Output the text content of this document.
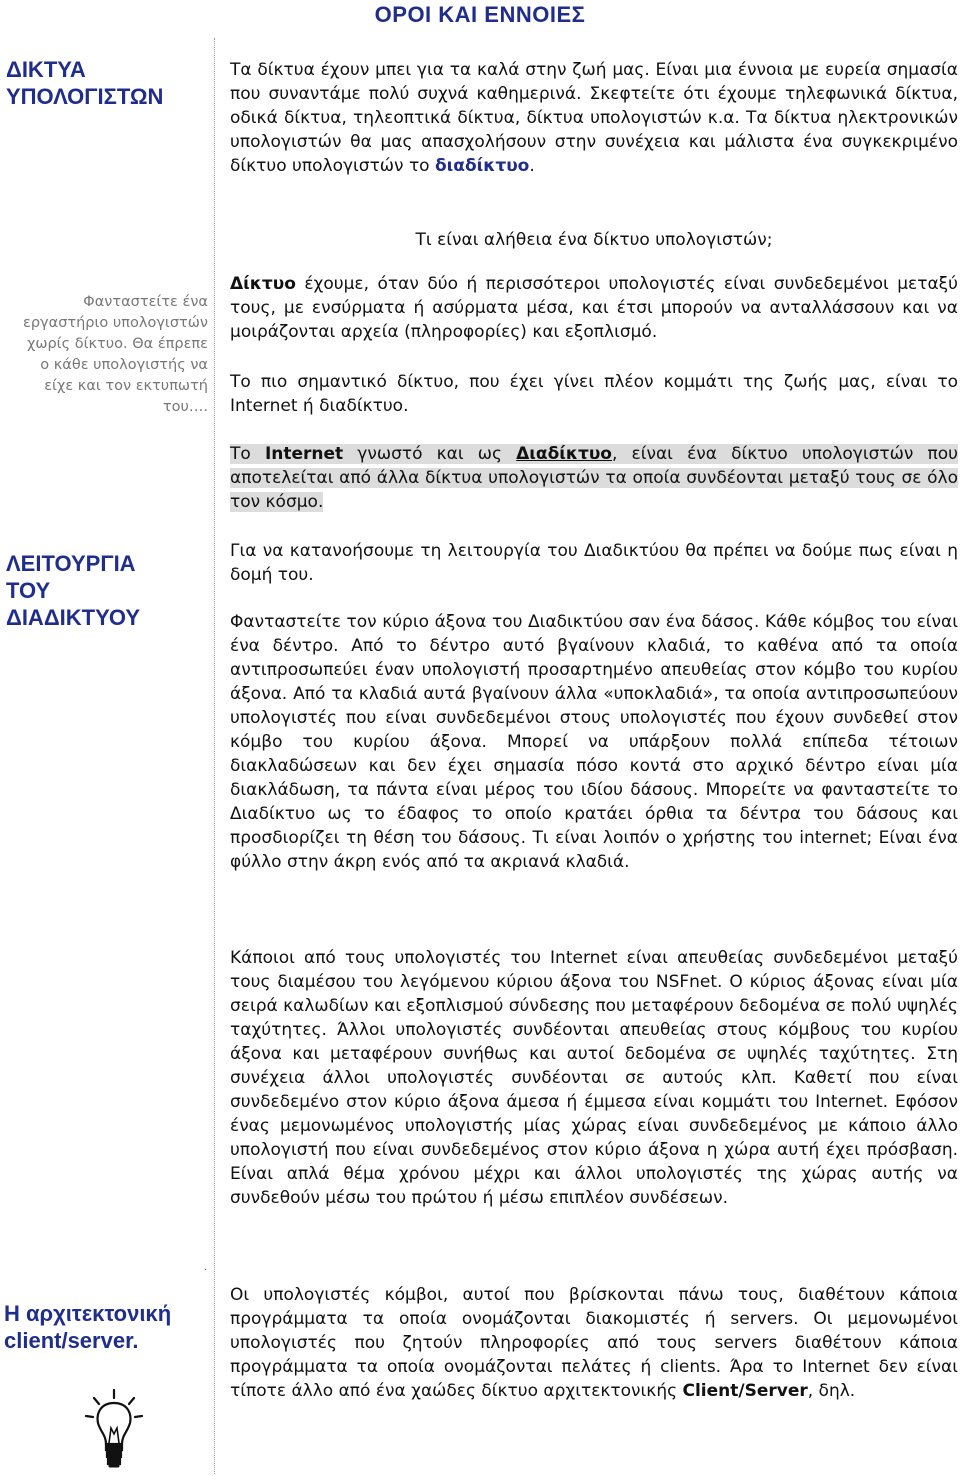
ΟΡΟΙ ΚΑΙ ΕΝΝΟΙΕΣ
ΔΙΚΤΥΑ
ΥΠΟΛΟΓΙΣΤΩΝ
Φανταστείτε ένα εργαστήριο υπολογιστών χωρίς δίκτυο. Θα έπρεπε ο κάθε υπολογιστής να είχε και τον εκτυπωτή του….
ΛΕΙΤΟΥΡΓΙΑ
ΤΟΥ
ΔΙΑΔΙΚΤΥΟΥ
.
Η αρχιτεκτονική
client/server.

Τα δίκτυα έχουν μπει για τα καλά στην ζωή μας. Είναι μια έννοια με ευρεία σημασία που συναντάμε πολύ συχνά καθημερινά. Σκεφτείτε ότι έχουμε τηλεφωνικά δίκτυα, οδικά δίκτυα, τηλεοπτικά δίκτυα, δίκτυα υπολογιστών κ.α. Τα δίκτυα ηλεκτρονικών υπολογιστών θα μας απασχολήσουν στην συνέχεια και μάλιστα ένα συγκεκριμένο δίκτυο υπολογιστών το διαδίκτυο.

Τι είναι αλήθεια ένα δίκτυο υπολογιστών;

Δίκτυο έχουμε, όταν δύο ή περισσότεροι υπολογιστές είναι συνδεδεμένοι μεταξύ τους, με ενσύρματα ή ασύρματα μέσα, και έτσι μπορούν να ανταλλάσσουν και να μοιράζονται αρχεία (πληροφορίες) και εξοπλισμό.

Το πιο σημαντικό δίκτυο, που έχει γίνει πλέον κομμάτι της ζωής μας, είναι το Internet ή διαδίκτυο.

Το Internet γνωστό και ως Διαδίκτυο, είναι ένα δίκτυο υπολογιστών που αποτελείται από άλλα δίκτυα υπολογιστών τα οποία συνδέονται μεταξύ τους σε όλο τον κόσμο.

Για να κατανοήσουμε τη λειτουργία του Διαδικτύου θα πρέπει να δούμε πως είναι η δομή του.

Φανταστείτε τον κύριο άξονα του Διαδικτύου σαν ένα δάσος. Κάθε κόμβος του είναι ένα δέντρο. Από το δέντρο αυτό βγαίνουν κλαδιά, το καθένα από τα οποία αντιπροσωπεύει έναν υπολογιστή προσαρτημένο απευθείας στον κόμβο του κυρίου άξονα. Από τα κλαδιά αυτά βγαίνουν άλλα «υποκλαδιά», τα οποία αντιπροσωπεύουν υπολογιστές που είναι συνδεδεμένοι στους υπολογιστές που έχουν συνδεθεί στον κόμβο του κυρίου άξονα. Μπορεί να υπάρξουν πολλά επίπεδα τέτοιων διακλαδώσεων και δεν έχει σημασία πόσο κοντά στο αρχικό δέντρο είναι μία διακλάδωση, τα πάντα είναι μέρος του ιδίου δάσους. Μπορείτε να φανταστείτε το Διαδίκτυο ως το έδαφος το οποίο κρατάει όρθια τα δέντρα του δάσους και προσδιορίζει τη θέση του δάσους. Τι είναι λοιπόν ο χρήστης του internet; Είναι ένα φύλλο στην άκρη ενός από τα ακριανά κλαδιά.

Κάποιοι από τους υπολογιστές του Internet είναι απευθείας συνδεδεμένοι μεταξύ τους διαμέσου του λεγόμενου κύριου άξονα του NSFnet. Ο κύριος άξονας είναι μία σειρά καλωδίων και εξοπλισμού σύνδεσης που μεταφέρουν δεδομένα σε πολύ υψηλές ταχύτητες. Άλλοι υπολογιστές συνδέονται απευθείας στους κόμβους του κυρίου άξονα και μεταφέρουν συνήθως και αυτοί δεδομένα σε υψηλές ταχύτητες. Στη συνέχεια άλλοι υπολογιστές συνδέονται σε αυτούς κλπ. Καθετί που είναι συνδεδεμένο στον κύριο άξονα άμεσα ή έμμεσα είναι κομμάτι του Internet. Εφόσον ένας μεμονωμένος υπολογιστής μίας χώρας είναι συνδεδεμένος με κάποιο άλλο υπολογιστή που είναι συνδεδεμένος στον κύριο άξονα η χώρα αυτή έχει πρόσβαση. Είναι απλά θέμα χρόνου μέχρι και άλλοι υπολογιστές της χώρας αυτής να συνδεθούν μέσω του πρώτου ή μέσω επιπλέον συνδέσεων.

Οι υπολογιστές κόμβοι, αυτοί που βρίσκονται πάνω τους, διαθέτουν κάποια προγράμματα τα οποία ονομάζονται διακομιστές ή servers. Οι μεμονωμένοι υπολογιστές που ζητούν πληροφορίες από τους servers διαθέτουν κάποια προγράμματα τα οποία ονομάζονται πελάτες ή clients. Άρα το Internet δεν είναι τίποτε άλλο από ένα χαώδες δίκτυο αρχιτεκτονικής Client/Server, δηλ.
